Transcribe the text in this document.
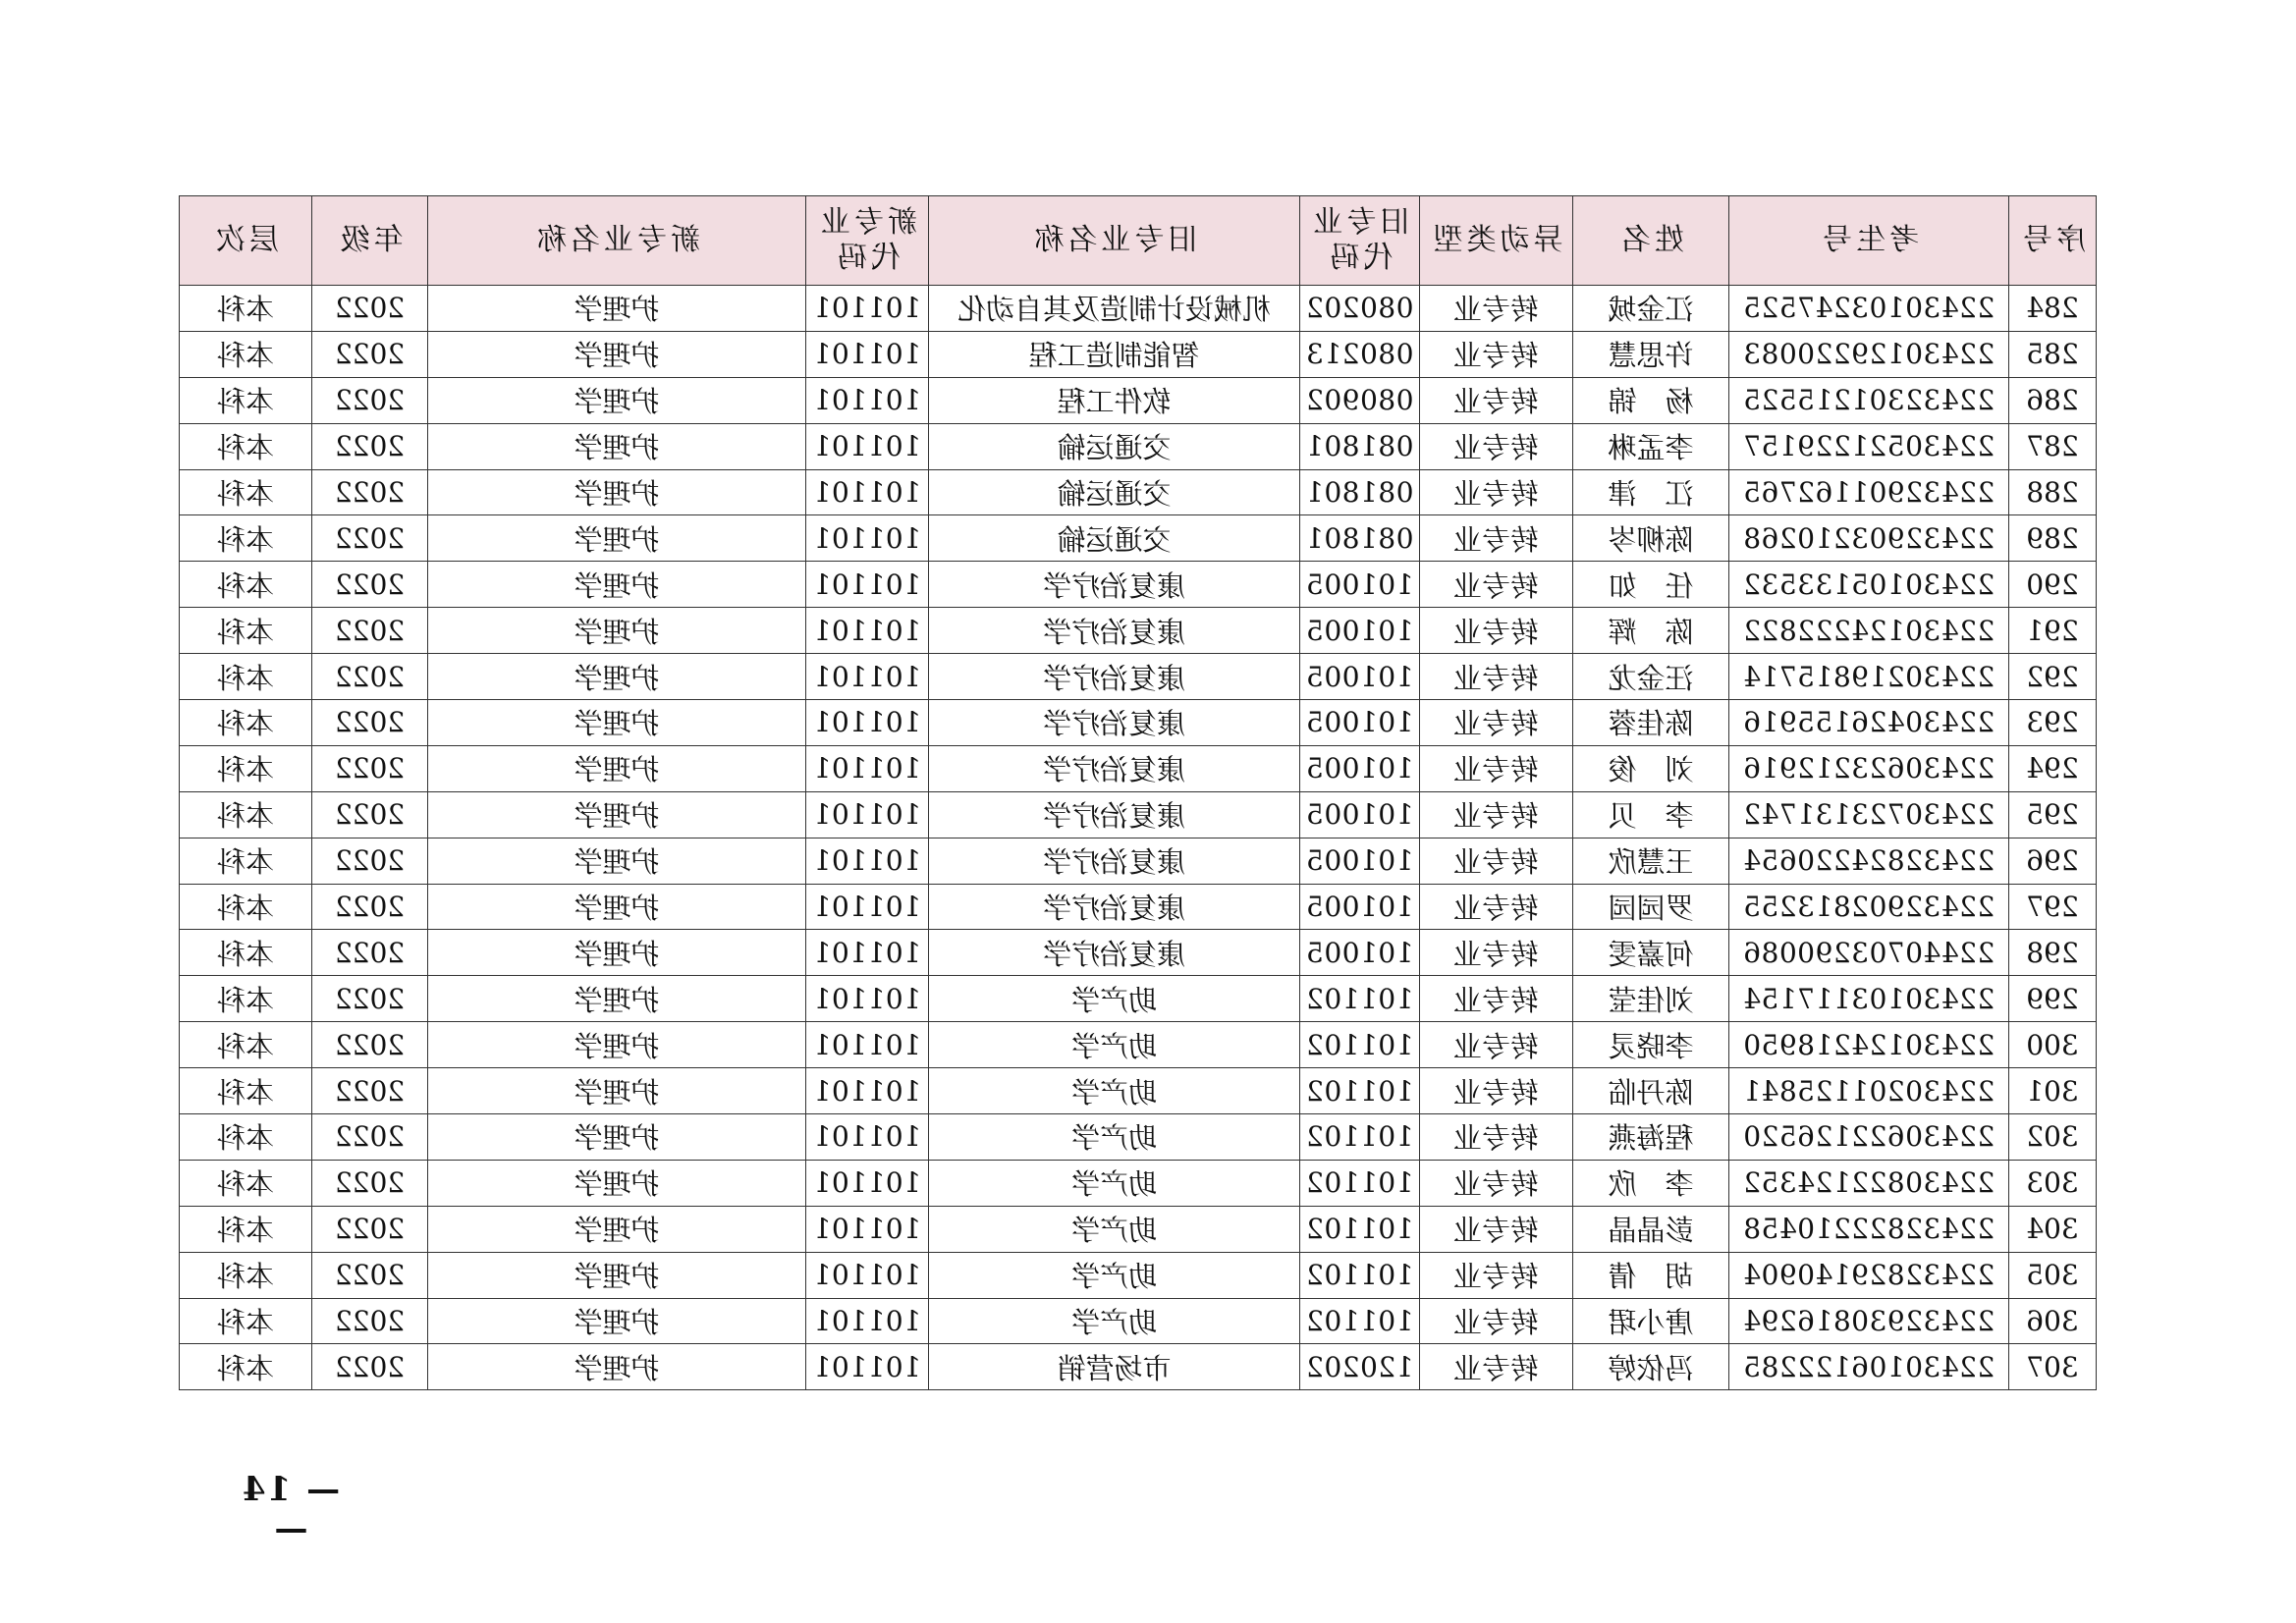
序号	考生号	姓名	异动类型	旧专业代码	旧专业名称	新专业代码	新专业名称	年级	层次
284	22430103247525	江金城	转专业	080202	机械设计制造及其自动化	101101	护理学	2022	本科
285	22430129220083	许思慧	转专业	080213	智能制造工程	101101	护理学	2022	本科
286	22432301215525	杨　锦	转专业	080902	软件工程	101101	护理学	2022	本科
287	22430521229157	李孟琳	转专业	081801	交通运输	101101	护理学	2022	本科
288	22432901162765	江　津	转专业	081801	交通运输	101101	护理学	2022	本科
289	22432903210268	陈柳岑	转专业	081801	交通运输	101101	护理学	2022	本科
290	22430105133532	任　如	转专业	101005	康复治疗学	101101	护理学	2022	本科
291	22430124222822	陈　辉	转专业	101005	康复治疗学	101101	护理学	2022	本科
292	22430219815714	汪金龙	转专业	101005	康复治疗学	101101	护理学	2022	本科
293	22430426155916	陈佳蓉	转专业	101005	康复治疗学	101101	护理学	2022	本科
294	22430623212916	刘　俊	转专业	101005	康复治疗学	101101	护理学	2022	本科
295	22430723131742	李　贝	转专业	101005	康复治疗学	101101	护理学	2022	本科
296	22432824220654	王慧欣	转专业	101005	康复治疗学	101101	护理学	2022	本科
297	22432902813255	罗园园	转专业	101005	康复治疗学	101101	护理学	2022	本科
298	22440703290086	何嘉雯	转专业	101005	康复治疗学	101101	护理学	2022	本科
299	22430103117154	刘佳莹	转专业	101102	助产学	101101	护理学	2022	本科
300	22430124218950	李晓灵	转专业	101102	助产学	101101	护理学	2022	本科
301	22430201125841	陈丹临	转专业	101102	助产学	101101	护理学	2022	本科
302	22430622126520	程海燕	转专业	101102	助产学	101101	护理学	2022	本科
303	22430822124352	李　欣	转专业	101102	助产学	101101	护理学	2022	本科
304	22432822210458	彭晶晶	转专业	101102	助产学	101101	护理学	2022	本科
305	22432829140904	胡　倩	转专业	101102	助产学	101101	护理学	2022	本科
306	22432930816294	唐小珺	转专业	101102	助产学	101101	护理学	2022	本科
307	22430106122285	冯依婷	转专业	120202	市场营销	101101	护理学	2022	本科
— 14 —
